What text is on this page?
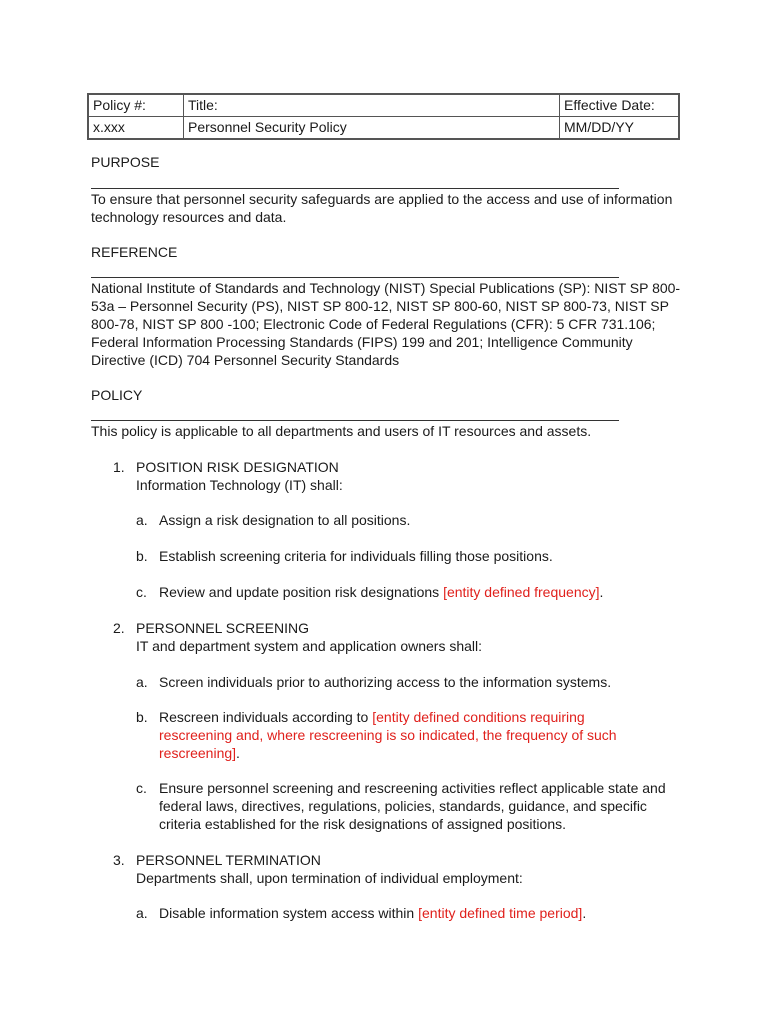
Policy #:	Title:	Effective Date:
x.xxx	Personnel Security Policy	MM/DD/YY
PURPOSE
To ensure that personnel security safeguards are applied to the access and use of information technology resources and data.
REFERENCE
National Institute of Standards and Technology (NIST) Special Publications (SP): NIST SP 800-53a – Personnel Security (PS), NIST SP 800-12, NIST SP 800-60, NIST SP 800-73, NIST SP 800-78, NIST SP 800 -100; Electronic Code of Federal Regulations (CFR): 5 CFR 731.106; Federal Information Processing Standards (FIPS) 199 and 201; Intelligence Community Directive (ICD) 704 Personnel Security Standards
POLICY
This policy is applicable to all departments and users of IT resources and assets.
1. POSITION RISK DESIGNATION
Information Technology (IT) shall:
a. Assign a risk designation to all positions.
b. Establish screening criteria for individuals filling those positions.
c. Review and update position risk designations [entity defined frequency].
2. PERSONNEL SCREENING
IT and department system and application owners shall:
a. Screen individuals prior to authorizing access to the information systems.
b. Rescreen individuals according to [entity defined conditions requiring rescreening and, where rescreening is so indicated, the frequency of such rescreening].
c. Ensure personnel screening and rescreening activities reflect applicable state and federal laws, directives, regulations, policies, standards, guidance, and specific criteria established for the risk designations of assigned positions.
3. PERSONNEL TERMINATION
Departments shall, upon termination of individual employment:
a. Disable information system access within [entity defined time period].
